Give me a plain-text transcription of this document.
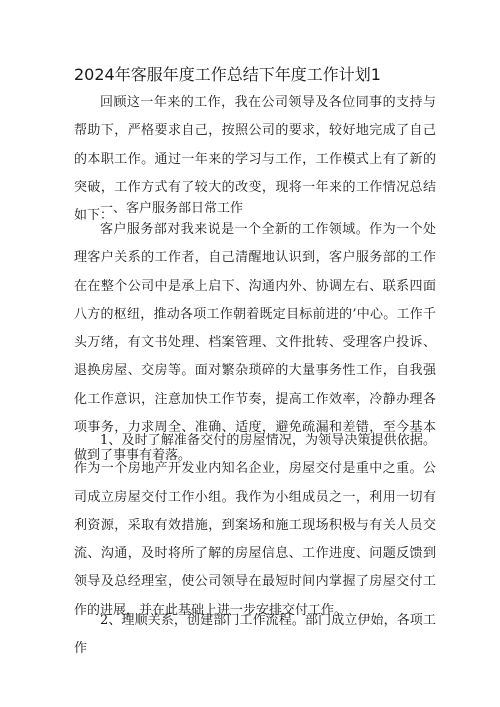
2024年客服年度工作总结下年度工作计划1

回顾这一年来的工作，我在公司领导及各位同事的支持与帮助下，严格要求自己，按照公司的要求，较好地完成了自己的本职工作。通过一年来的学习与工作，工作模式上有了新的突破，工作方式有了较大的改变，现将一年来的工作情况总结如下：

一、客户服务部日常工作

客户服务部对我来说是一个全新的工作领域。作为一个处理客户关系的工作者，自己清醒地认识到，客户服务部的工作在在整个公司中是承上启下、沟通内外、协调左右、联系四面八方的枢纽，推动各项工作朝着既定目标前进的’中心。工作千头万绪，有文书处理、档案管理、文件批转、受理客户投诉、退换房屋、交房等。面对繁杂琐碎的大量事务性工作，自我强化工作意识，注意加快工作节奏，提高工作效率，冷静办理各项事务，力求周全、准确、适度，避免疏漏和差错，至今基本做到了事事有着落。

1、及时了解准备交付的房屋情况，为领导决策提供依据。作为一个房地产开发业内知名企业，房屋交付是重中之重。公司成立房屋交付工作小组。我作为小组成员之一，利用一切有利资源，采取有效措施，到案场和施工现场积极与有关人员交流、沟通，及时将所了解的房屋信息、工作进度、问题反馈到领导及总经理室，使公司领导在最短时间内掌握了房屋交付工作的进展，并在此基础上进一步安排交付工作。

2、理顺关系，创建部门工作流程。部门成立伊始，各项工作
